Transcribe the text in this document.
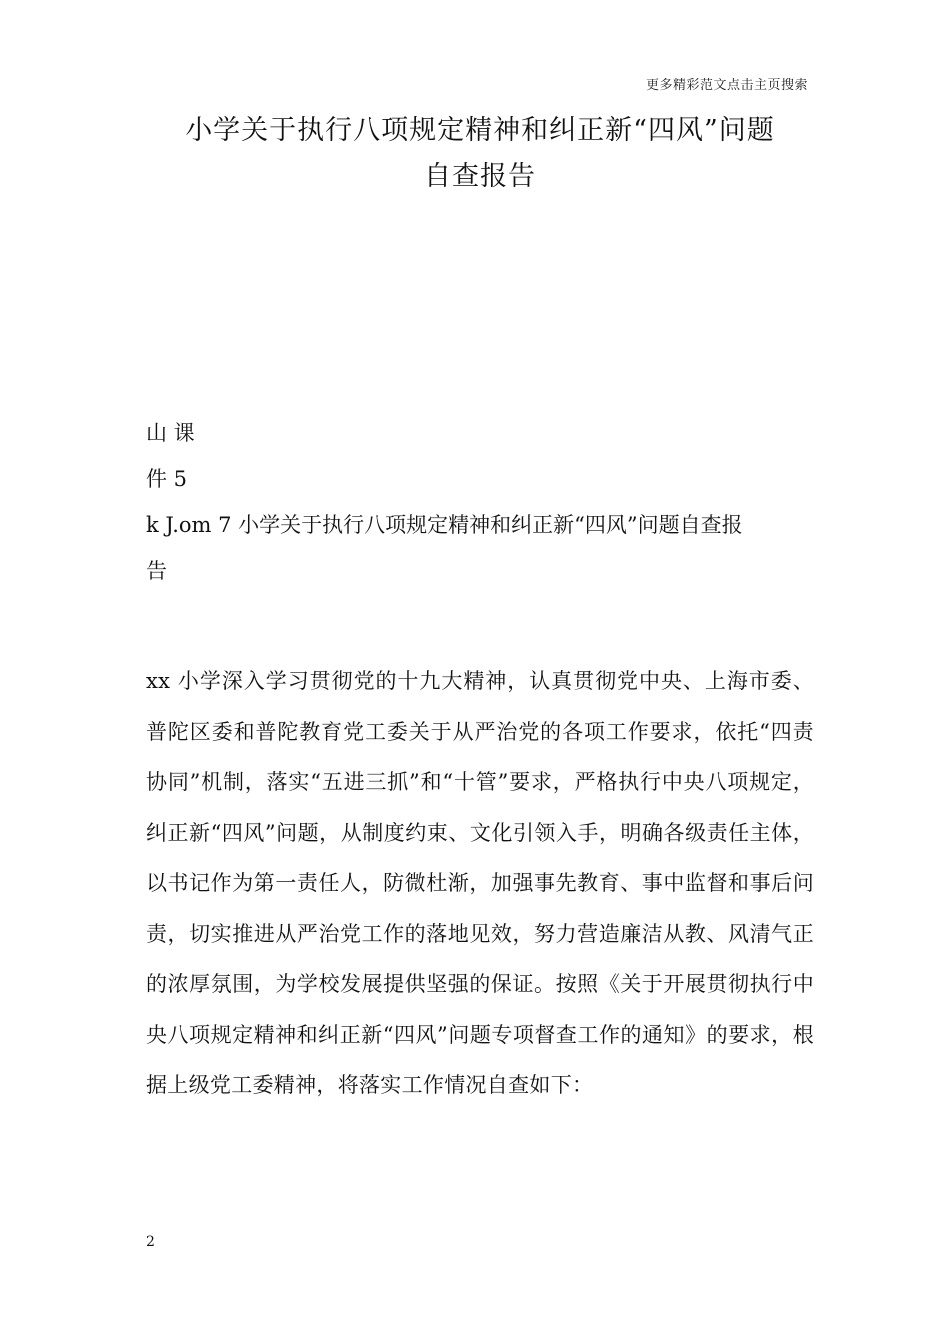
更多精彩范文点击主页搜索
小学关于执行八项规定精神和纠正新“四风”问题
自查报告
山 课
件 5
k J.om 7 小学关于执行八项规定精神和纠正新“四风”问题自查报
告
xx 小学深入学习贯彻党的十九大精神，认真贯彻党中央、上海市委、普陀区委和普陀教育党工委关于从严治党的各项工作要求，依托“四责协同”机制，落实“五进三抓”和“十管”要求，严格执行中央八项规定，纠正新“四风”问题，从制度约束、文化引领入手，明确各级责任主体，以书记作为第一责任人，防微杜渐，加强事先教育、事中监督和事后问责，切实推进从严治党工作的落地见效，努力营造廉洁从教、风清气正的浓厚氛围，为学校发展提供坚强的保证。按照《关于开展贯彻执行中央八项规定精神和纠正新“四风”问题专项督查工作的通知》的要求，根据上级党工委精神，将落实工作情况自查如下：
2
